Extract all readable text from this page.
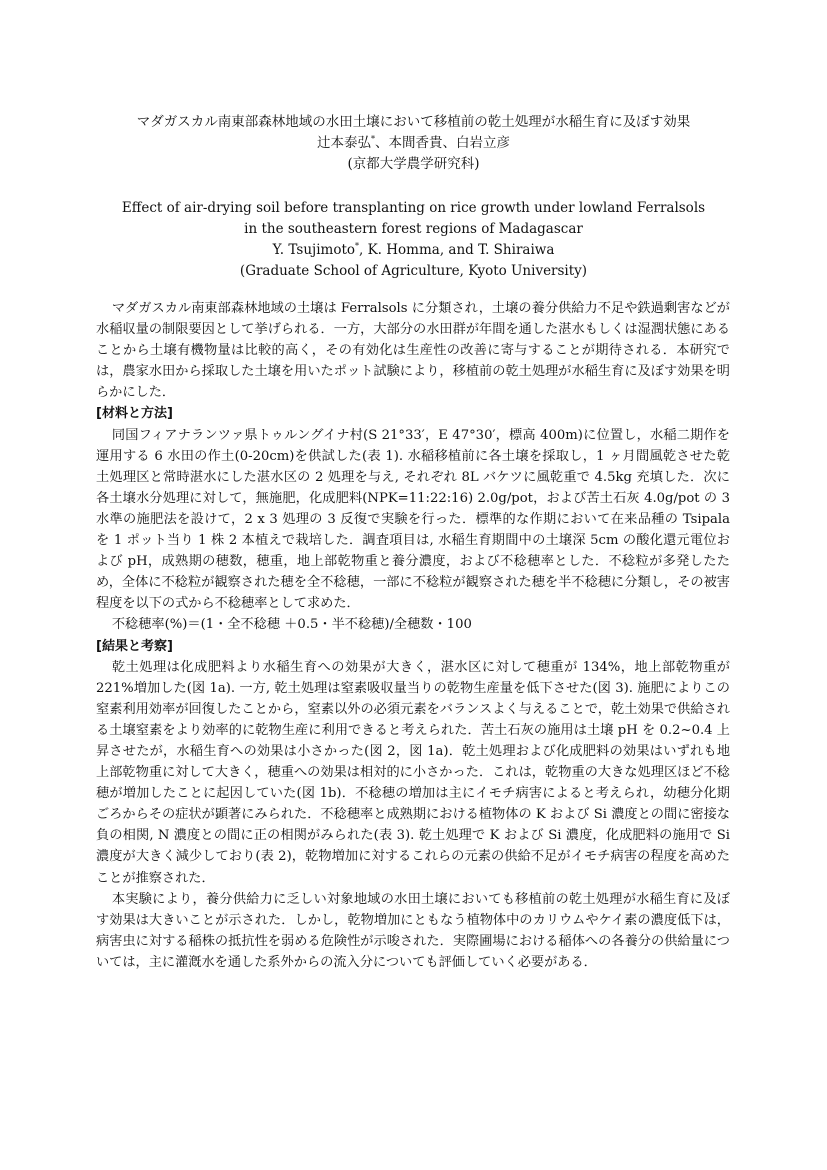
マダガスカル南東部森林地域の水田土壌において移植前の乾土処理が水稲生育に及ぼす効果
辻本泰弘*、本間香貴、白岩立彦
(京都大学農学研究科)
Effect of air-drying soil before transplanting on rice growth under lowland Ferralsols
in the southeastern forest regions of Madagascar
Y. Tsujimoto*, K. Homma, and T. Shiraiwa
(Graduate School of Agriculture, Kyoto University)

マダガスカル南東部森林地域の土壌は Ferralsols に分類され，土壌の養分供給力不足や鉄過剰害などが水稲収量の制限要因として挙げられる．一方，大部分の水田群が年間を通した湛水もしくは湿潤状態にあることから土壌有機物量は比較的高く，その有効化は生産性の改善に寄与することが期待される．本研究では，農家水田から採取した土壌を用いたポット試験により，移植前の乾土処理が水稲生育に及ぼす効果を明らかにした．

[材料と方法]

同国フィアナランツァ県トゥルングイナ村(S 21°33′，E 47°30′，標高 400m)に位置し，水稲二期作を運用する 6 水田の作土(0-20cm)を供試した(表 1). 水稲移植前に各土壌を採取し，1 ヶ月間風乾させた乾土処理区と常時湛水にした湛水区の 2 処理を与え, それぞれ 8L バケツに風乾重で 4.5kg 充填した．次に各土壌水分処理に対して，無施肥，化成肥料(NPK=11:22:16) 2.0g/pot，および苦土石灰 4.0g/pot の 3 水準の施肥法を設けて，2 x 3 処理の 3 反復で実験を行った．標準的な作期において在来品種の Tsipala を 1 ポット当り 1 株 2 本植えで栽培した．調査項目は, 水稲生育期間中の土壌深 5cm の酸化還元電位および pH，成熟期の穂数，穂重，地上部乾物重と養分濃度，および不稔穂率とした．不稔粒が多発したため，全体に不稔粒が観察された穂を全不稔穂，一部に不稔粒が観察された穂を半不稔穂に分類し，その被害程度を以下の式から不稔穂率として求めた．

不稔穂率(%)＝(1・全不稔穂 ＋0.5・半不稔穂)/全穂数・100

[結果と考察]

乾土処理は化成肥料より水稲生育への効果が大きく，湛水区に対して穂重が 134%，地上部乾物重が 221%増加した(図 1a). 一方, 乾土処理は窒素吸収量当りの乾物生産量を低下させた(図 3). 施肥によりこの窒素利用効率が回復したことから，窒素以外の必須元素をバランスよく与えることで，乾土効果で供給される土壌窒素をより効率的に乾物生産に利用できると考えられた．苦土石灰の施用は土壌 pH を 0.2~0.4 上昇させたが，水稲生育への効果は小さかった(図 2，図 1a)．乾土処理および化成肥料の効果はいずれも地上部乾物重に対して大きく，穂重への効果は相対的に小さかった．これは，乾物重の大きな処理区ほど不稔穂が増加したことに起因していた(図 1b)．不稔穂の増加は主にイモチ病害によると考えられ，幼穂分化期ごろからその症状が顕著にみられた．不稔穂率と成熟期における植物体の K および Si 濃度との間に密接な負の相関, N 濃度との間に正の相関がみられた(表 3). 乾土処理で K および Si 濃度，化成肥料の施用で Si 濃度が大きく減少しており(表 2)，乾物増加に対するこれらの元素の供給不足がイモチ病害の程度を高めたことが推察された．

本実験により，養分供給力に乏しい対象地域の水田土壌においても移植前の乾土処理が水稲生育に及ぼす効果は大きいことが示された．しかし，乾物増加にともなう植物体中のカリウムやケイ素の濃度低下は，病害虫に対する稲株の抵抗性を弱める危険性が示唆された．実際圃場における稲体への各養分の供給量については，主に灌漑水を通した系外からの流入分についても評価していく必要がある．
